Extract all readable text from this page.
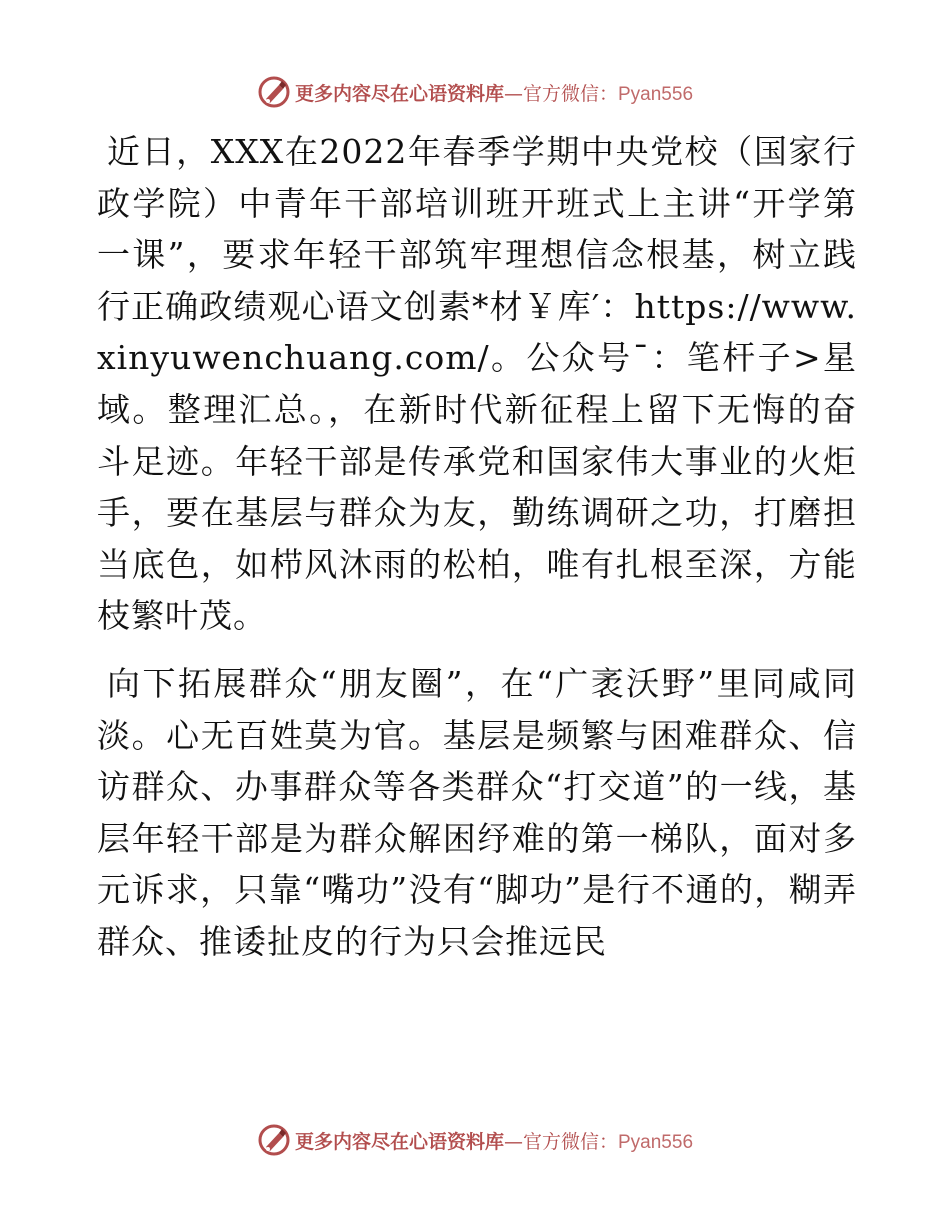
更多内容尽在心语资料库—官方微信：Pyan556

近日，XXX在2022年春季学期中央党校（国家行政学院）中青年干部培训班开班式上主讲“开学第一课”，要求年轻干部筑牢理想信念根基，树立践行正确政绩观心语文创素*材￥库′：https://www.xinyuwenchuang.com/。公众号¯：笔杆子>星域。整理汇总。，在新时代新征程上留下无悔的奋斗足迹。年轻干部是传承党和国家伟大事业的火炬手，要在基层与群众为友，勤练调研之功，打磨担当底色，如栉风沐雨的松柏，唯有扎根至深，方能枝繁叶茂。

向下拓展群众“朋友圈”，在“广袤沃野”里同咸同淡。心无百姓莫为官。基层是频繁与困难群众、信访群众、办事群众等各类群众“打交道”的一线，基层年轻干部是为群众解困纾难的第一梯队，面对多元诉求，只靠“嘴功”没有“脚功”是行不通的，糊弄群众、推诿扯皮的行为只会推远民

更多内容尽在心语资料库—官方微信：Pyan556
